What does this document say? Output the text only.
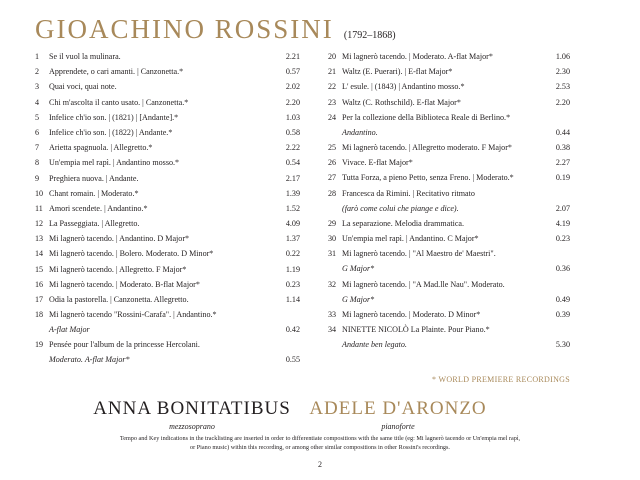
GIOACHINO ROSSINI (1792–1868)
1	Se il vuol la mulinara.	2.21
2	Apprendete, o cari amanti. | Canzonetta.*	0.57
3	Quai voci, quai note.	2.02
4	Chi m'ascolta il canto usato. | Canzonetta.*	2.20
5	Infelice ch'io son. | (1821) | [Andante].*	1.03
6	Infelice ch'io son. | (1822) | Andante.*	0.58
7	Arietta spagnuola. | Allegretto.*	2.22
8	Un'empia mel rapì. | Andantino mosso.*	0.54
9	Preghiera nuova. | Andante.	2.17
10 Chant romain. | Moderato.*	1.39
11 Amori scendete. | Andantino.*	1.52
12 La Passeggiata. | Allegretto.	4.09
13 Mi lagnerò tacendo. | Andantino. D Major*	1.37
14 Mi lagnerò tacendo. | Bolero. Moderato. D Minor*	0.22
15 Mi lagnerò tacendo. | Allegretto. F Major*	1.19
16 Mi lagnerò tacendo. | Moderato. B-flat Major*	0.23
17 Odia la pastorella. | Canzonetta. Allegretto.	1.14
18 Mi lagnerò tacendo "Rossini-Carafa". | Andantino.*
A-flat Major	0.42
19 Pensée pour l'album de la princesse Hercolani.
Moderato. A-flat Major*	0.55
20 Mi lagnerò tacendo. | Moderato. A-flat Major*	1.06
21 Waltz (E. Puerari). | E-flat Major*	2.30
22 L' esule. | (1843) | Andantino mosso.*	2.53
23 Waltz (C. Rothschild). E-flat Major*	2.20
24 Per la collezione della Biblioteca Reale di Berlino.*
Andantino.	0.44
25 Mi lagnerò tacendo. | Allegretto moderato. F Major*	0.38
26 Vivace. E-flat Major*	2.27
27 Tutta Forza, a pieno Petto, senza Freno. | Moderato.*	0.19
28 Francesca da Rimini. | Recitativo ritmato
(farò come colui che piange e dice).	2.07
29 La separazione. Melodia drammatica.	4.19
30 Un'empia mel rapì. | Andantino. C Major*	0.23
31 Mi lagnerò tacendo. | "Al Maestro de' Maestri".
G Major*	0.36
32 Mi lagnerò tacendo. | "A Mad.lle Nau". Moderato.
G Major*	0.49
33 Mi lagnerò tacendo. | Moderato. D Minor*	0.39
34 NINETTE NICOLÒ La Plainte. Pour Piano.*
Andante ben legato.	5.30
* WORLD PREMIERE RECORDINGS
ANNA BONITATIBUS
mezzosoprano
ADELE D'ARONZO
pianoforte
Tempo and Key indications in the tracklisting are inserted in order to differentiate compositions with the same title (eg: Mi lagnerò tacendo or Un'empia mel rapì,
or Piano music) within this recording, or among other similar compositions in other Rossini's recordings.
2
